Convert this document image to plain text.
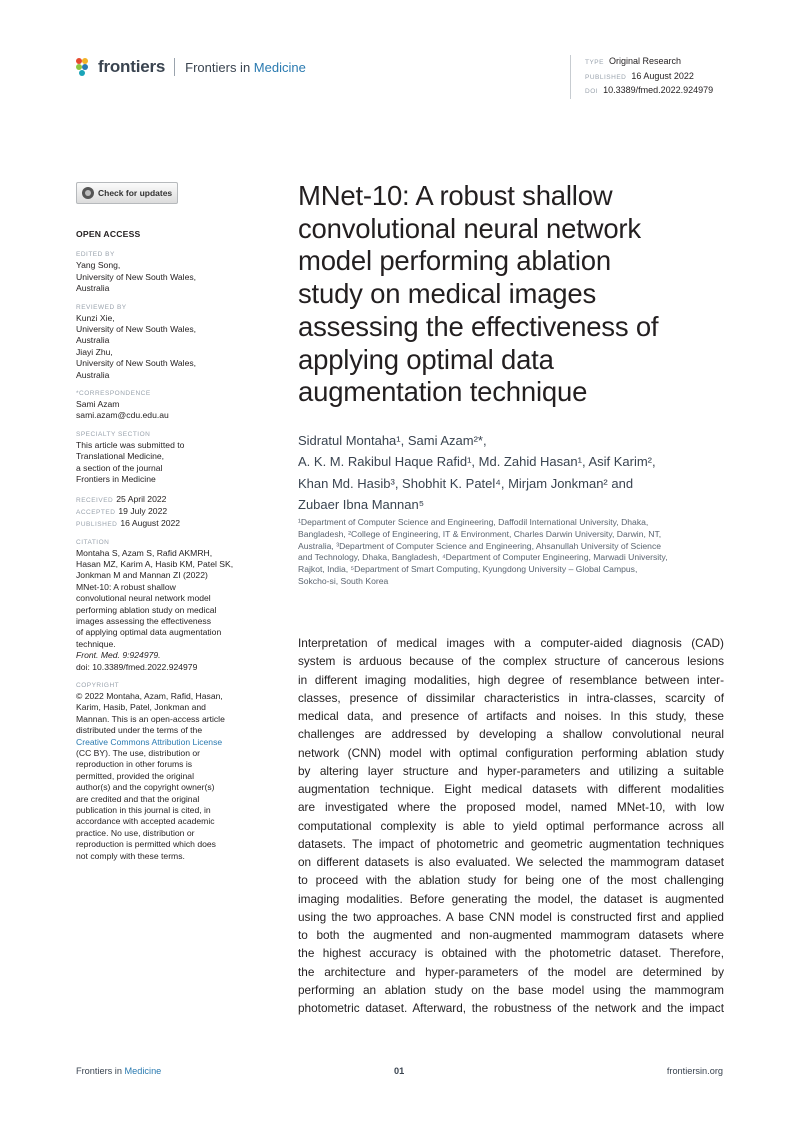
frontiers Frontiers in Medicine	TYPE Original Research
PUBLISHED 16 August 2022
DOI 10.3389/fmed.2022.924979
Check for updates
OPEN ACCESS
EDITED BY
Yang Song,
University of New South Wales,
Australia
REVIEWED BY
Kunzi Xie,
University of New South Wales,
Australia
Jiayi Zhu,
University of New South Wales,
Australia
*CORRESPONDENCE
Sami Azam
sami.azam@cdu.edu.au
SPECIALTY SECTION
This article was submitted to
Translational Medicine,
a section of the journal
Frontiers in Medicine
RECEIVED 25 April 2022
ACCEPTED 19 July 2022
PUBLISHED 16 August 2022
CITATION
Montaha S, Azam S, Rafid AKMRH,
Hasan MZ, Karim A, Hasib KM, Patel SK,
Jonkman M and Mannan ZI (2022)
MNet-10: A robust shallow
convolutional neural network model
performing ablation study on medical
images assessing the effectiveness
of applying optimal data augmentation
technique.
Front. Med. 9:924979.
doi: 10.3389/fmed.2022.924979
COPYRIGHT
© 2022 Montaha, Azam, Rafid, Hasan,
Karim, Hasib, Patel, Jonkman and
Mannan. This is an open-access article
distributed under the terms of the
Creative Commons Attribution License
(CC BY). The use, distribution or
reproduction in other forums is
permitted, provided the original
author(s) and the copyright owner(s)
are credited and that the original
publication in this journal is cited, in
accordance with accepted academic
practice. No use, distribution or
reproduction is permitted which does
not comply with these terms.
MNet-10: A robust shallow
convolutional neural network
model performing ablation
study on medical images
assessing the effectiveness of
applying optimal data
augmentation technique
Sidratul Montaha¹, Sami Azam²*,
A. K. M. Rakibul Haque Rafid¹, Md. Zahid Hasan¹, Asif Karim²,
Khan Md. Hasib³, Shobhit K. Patel⁴, Mirjam Jonkman² and
Zubaer Ibna Mannan⁵
¹Department of Computer Science and Engineering, Daffodil International University, Dhaka,
Bangladesh, ²College of Engineering, IT & Environment, Charles Darwin University, Darwin, NT,
Australia, ³Department of Computer Science and Engineering, Ahsanullah University of Science
and Technology, Dhaka, Bangladesh, ⁴Department of Computer Engineering, Marwadi University,
Rajkot, India, ⁵Department of Smart Computing, Kyungdong University – Global Campus,
Sokcho-si, South Korea
Interpretation of medical images with a computer-aided diagnosis (CAD)
system is arduous because of the complex structure of cancerous lesions
in different imaging modalities, high degree of resemblance between inter-
classes, presence of dissimilar characteristics in intra-classes, scarcity of
medical data, and presence of artifacts and noises. In this study, these
challenges are addressed by developing a shallow convolutional neural
network (CNN) model with optimal configuration performing ablation study
by altering layer structure and hyper-parameters and utilizing a suitable
augmentation technique. Eight medical datasets with different modalities
are investigated where the proposed model, named MNet-10, with low
computational complexity is able to yield optimal performance across all
datasets. The impact of photometric and geometric augmentation techniques
on different datasets is also evaluated. We selected the mammogram dataset
to proceed with the ablation study for being one of the most challenging
imaging modalities. Before generating the model, the dataset is augmented
using the two approaches. A base CNN model is constructed first and applied
to both the augmented and non-augmented mammogram datasets where
the highest accuracy is obtained with the photometric dataset. Therefore,
the architecture and hyper-parameters of the model are determined by
performing an ablation study on the base model using the mammogram
photometric dataset. Afterward, the robustness of the network and the impact
Frontiers in Medicine	01	frontiersin.org
